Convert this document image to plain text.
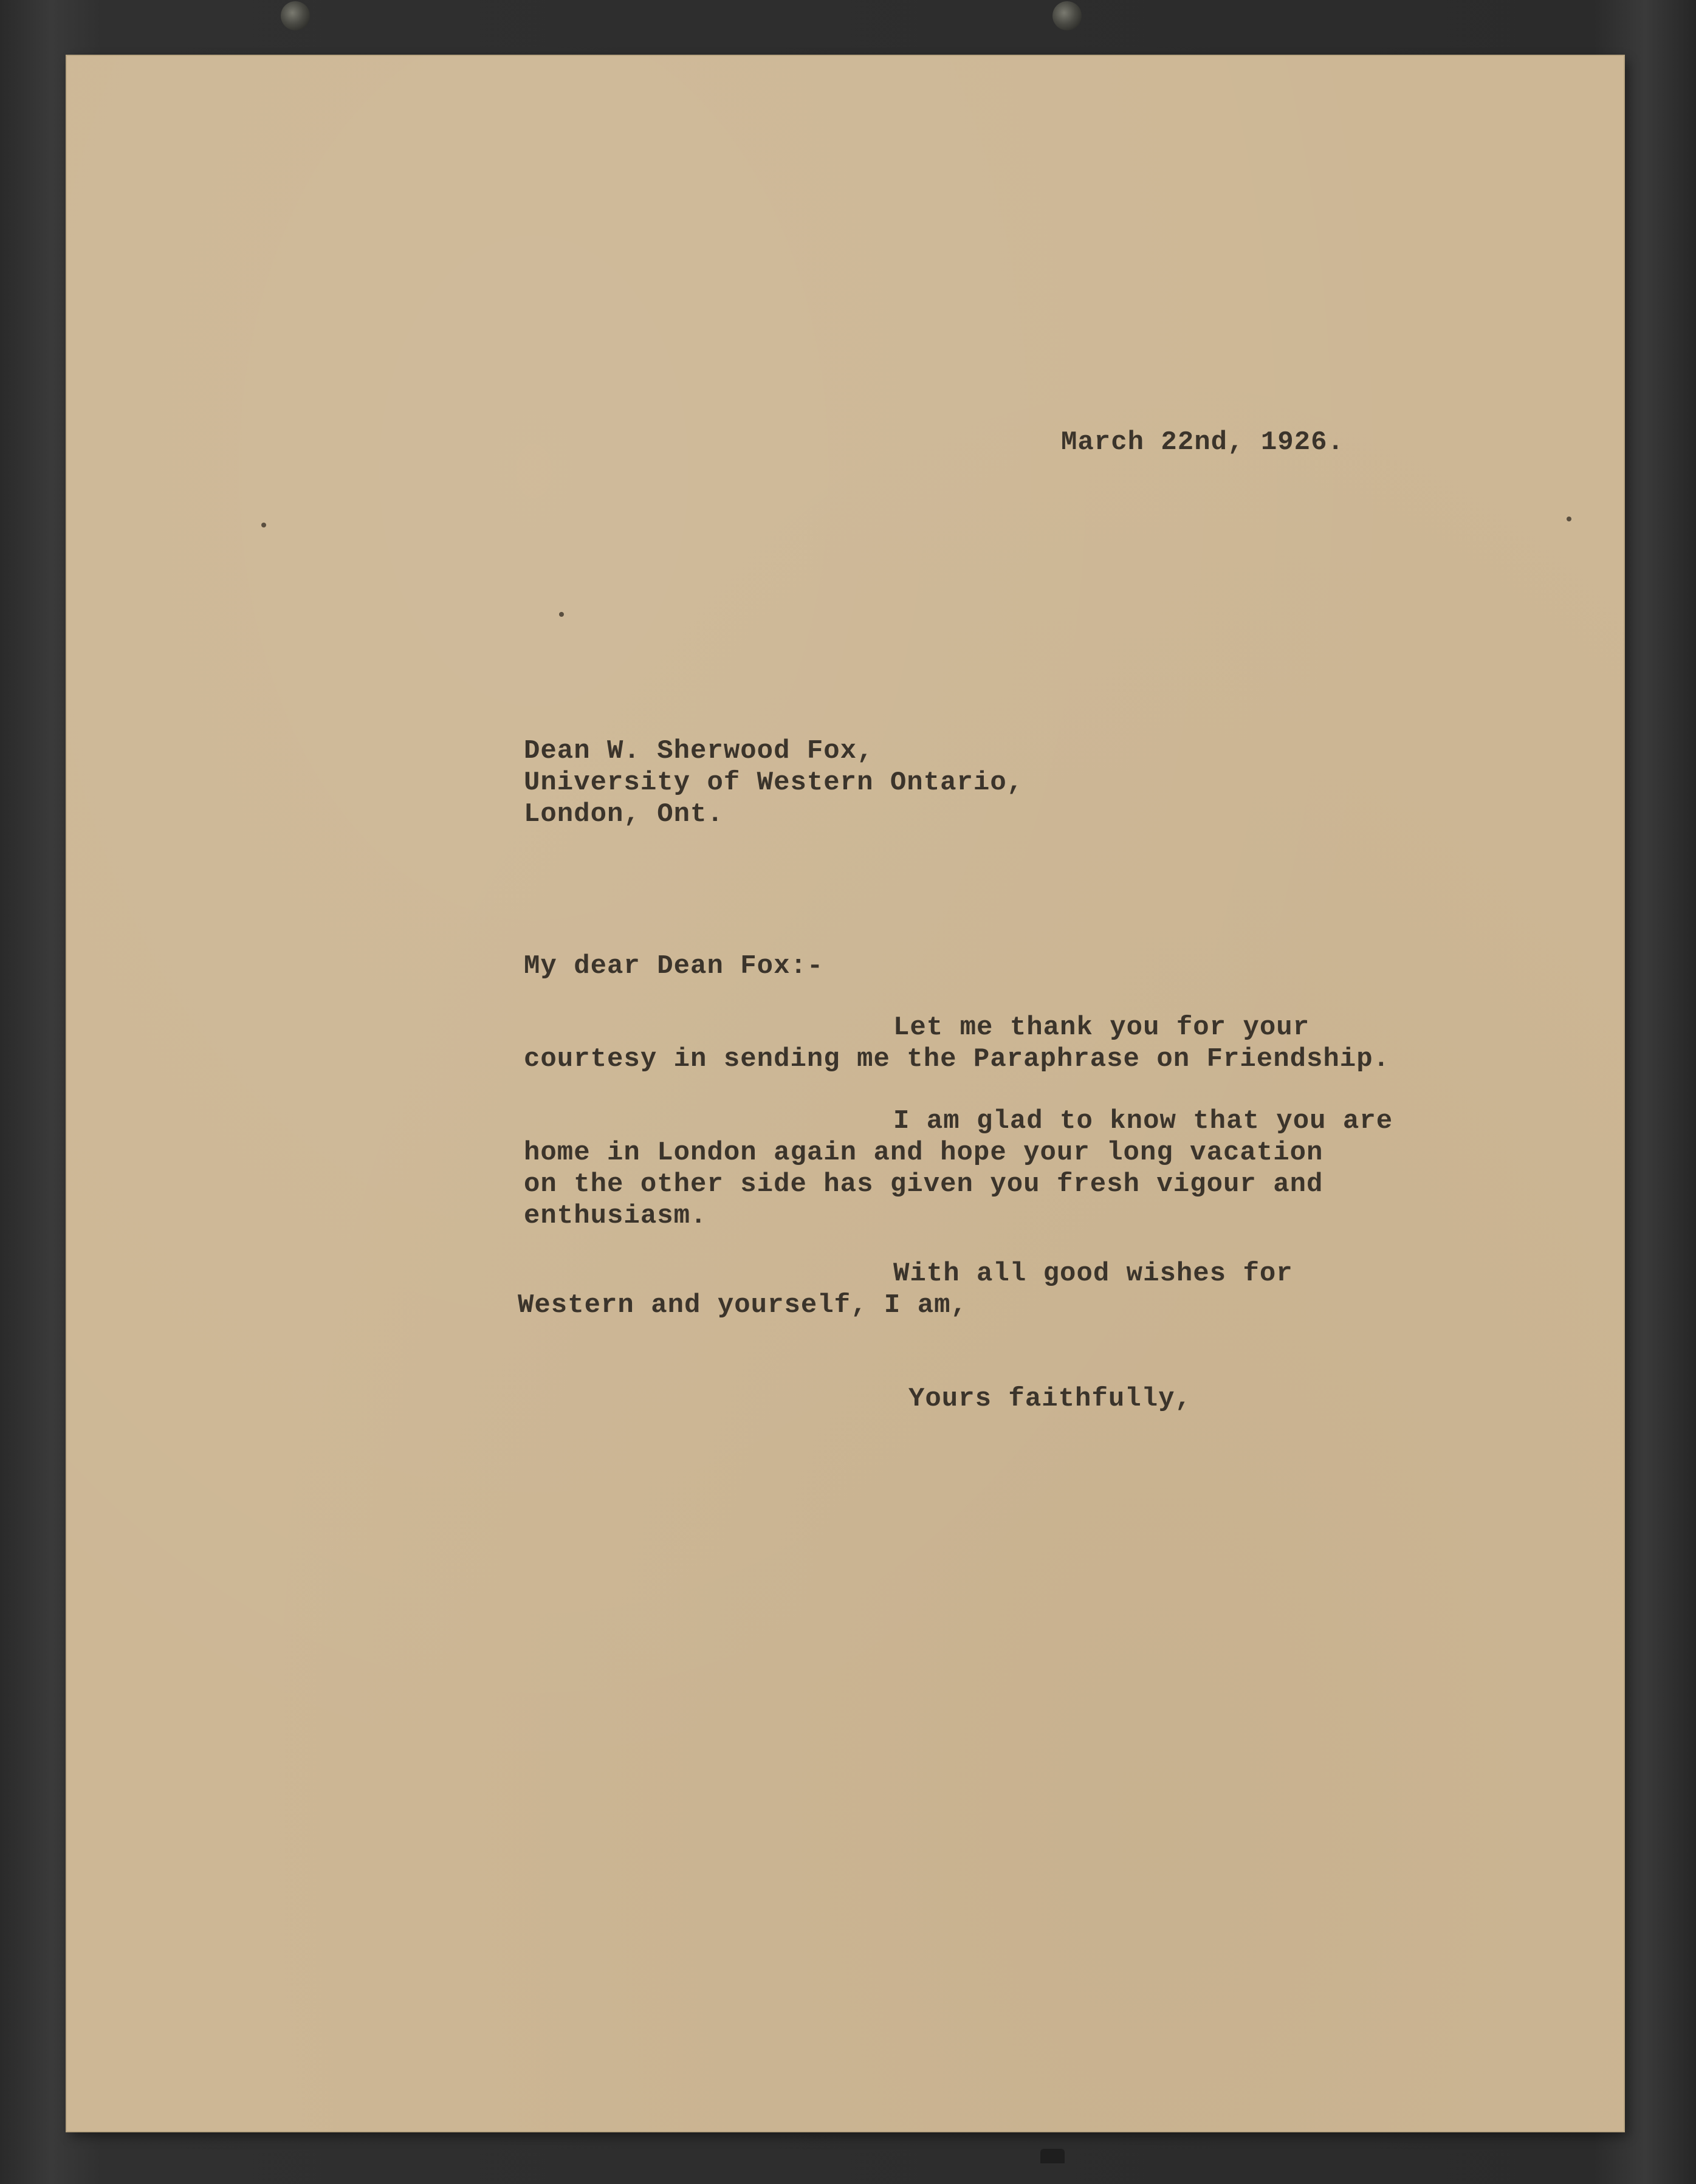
March 22nd, 1926.

Dean W. Sherwood Fox,

University of Western Ontario,

London, Ont.

My dear Dean Fox:-

Let me thank you for your

courtesy in sending me the Paraphrase on Friendship.

I am glad to know that you are

home in London again and hope your long vacation

on the other side has given you fresh vigour and

enthusiasm.

With all good wishes for

Western and yourself, I am,

Yours faithfully,
